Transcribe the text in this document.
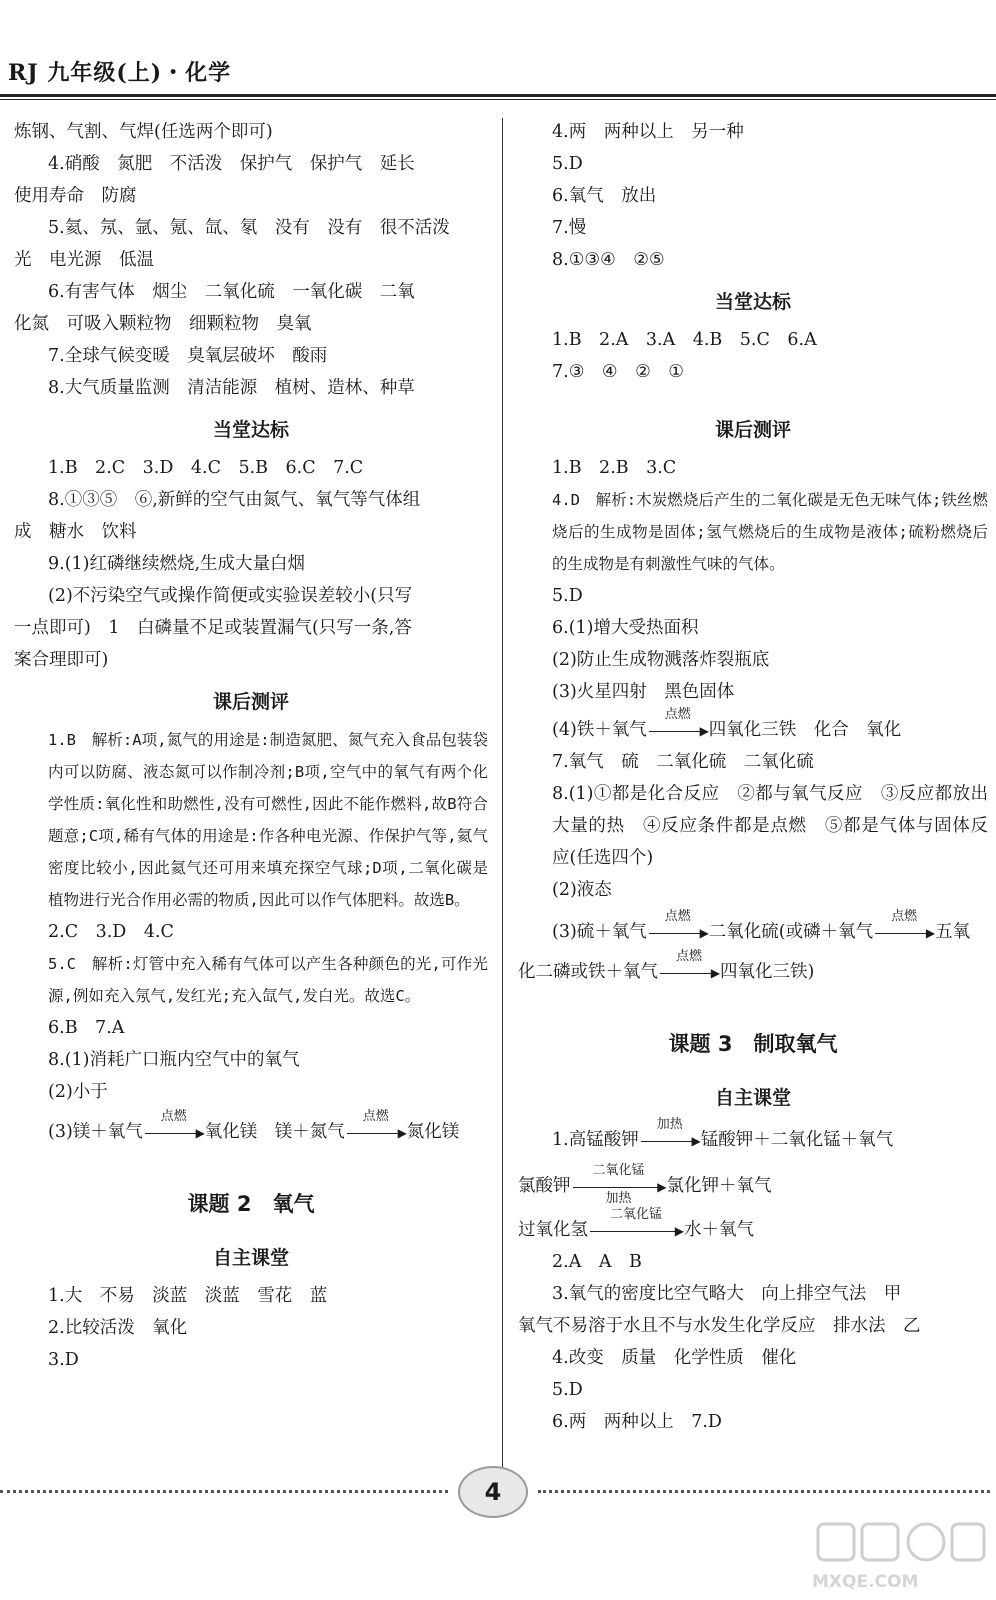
RJ 九年级(上)・化学

炼钢、气割、气焊(任选两个即可)

4.硝酸　氮肥　不活泼　保护气　保护气　延长

使用寿命　防腐

5.氦、氖、氩、氪、氙、氡　没有　没有　很不活泼

光　电光源　低温

6.有害气体　烟尘　二氧化硫　一氧化碳　二氧

化氮　可吸入颗粒物　细颗粒物　臭氧

7.全球气候变暖　臭氧层破坏　酸雨

8.大气质量监测　清洁能源　植树、造林、种草

当堂达标

1.B　2.C　3.D　4.C　5.B　6.C　7.C

8.①③⑤　⑥,新鲜的空气由氮气、氧气等气体组

成　糖水　饮料

9.(1)红磷继续燃烧,生成大量白烟

(2)不污染空气或操作简便或实验误差较小(只写

一点即可)　1　白磷量不足或装置漏气(只写一条,答

案合理即可)

课后测评

1.B　解析:A项,氮气的用途是:制造氮肥、氮气充入食品包装袋内可以防腐、液态氮可以作制冷剂;B项,空气中的氧气有两个化学性质:氧化性和助燃性,没有可燃性,因此不能作燃料,故B符合题意;C项,稀有气体的用途是:作各种电光源、作保护气等,氦气密度比较小,因此氦气还可用来填充探空气球;D项,二氧化碳是植物进行光合作用必需的物质,因此可以作气体肥料。故选B。

2.C　3.D　4.C

5.C　解析:灯管中充入稀有气体可以产生各种颜色的光,可作光源,例如充入氖气,发红光;充入氙气,发白光。故选C。

6.B　7.A

8.(1)消耗广口瓶内空气中的氧气

(2)小于

(3)镁＋氧气
点燃
▶ 氧化镁　镁＋氮气
点燃
▶ 氮化镁

课题 2　氧气
自主课堂

1.大　不易　淡蓝　淡蓝　雪花　蓝

2.比较活泼　氧化

3.D

4.两　两种以上　另一种

5.D

6.氧气　放出

7.慢

8.①③④　②⑤

当堂达标

1.B　2.A　3.A　4.B　5.C　6.A

7.③　④　②　①

课后测评

1.B　2.B　3.C

4.D　解析:木炭燃烧后产生的二氧化碳是无色无味气体;铁丝燃烧后的生成物是固体;氢气燃烧后的生成物是液体;硫粉燃烧后的生成物是有刺激性气味的气体。

5.D

6.(1)增大受热面积

(2)防止生成物溅落炸裂瓶底

(3)火星四射　黑色固体

(4)铁＋氧气
点燃
▶ 四氧化三铁　化合　氧化

7.氧气　硫　二氧化硫　二氧化硫

8.(1)①都是化合反应　②都与氧气反应　③反应都放出大量的热　④反应条件都是点燃　⑤都是气体与固体反应(任选四个)

(2)液态

(3)硫＋氧气
点燃
▶ 二氧化硫(或磷＋氧气
点燃
▶ 五氧

化二磷或铁＋氧气
点燃
▶ 四氧化三铁)

课题 3　制取氧气
自主课堂

1.高锰酸钾
加热
▶ 锰酸钾＋二氧化锰＋氧气

氯酸钾
二氧化锰
▶
加热
氯化钾＋氧气

过氧化氢
二氧化锰
▶ 水＋氧气

2.A　A　B

3.氧气的密度比空气略大　向上排空气法　甲

氧气不易溶于水且不与水发生化学反应　排水法　乙

4.改变　质量　化学性质　催化

5.D

6.两　两种以上　7.D

4
MXQE.COM
